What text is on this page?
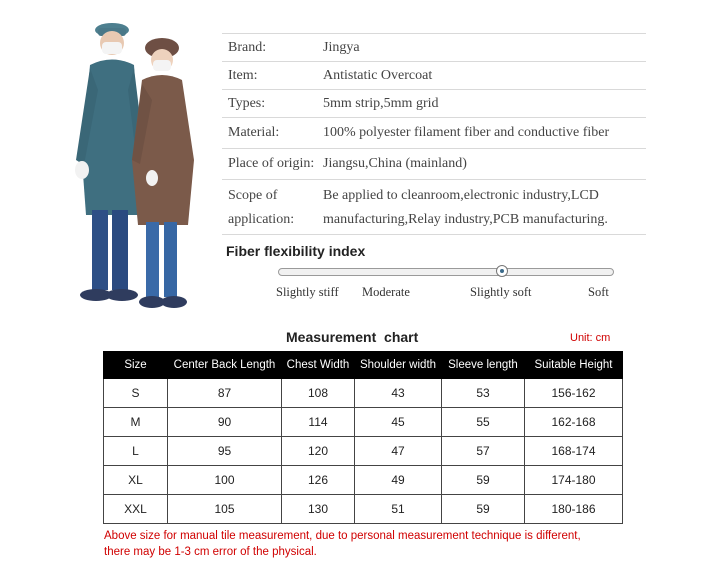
Brand:	Jingya
Item:	Antistatic Overcoat
Types:	5mm strip,5mm grid
Material:	100% polyester filament fiber and conductive fiber
Place of origin: Jiangsu,China (mainland)
Scope of
application:
Be applied to cleanroom,electronic industry,LCD
manufacturing,Relay industry,PCB manufacturing.
Fiber flexibility index
Slightly stiff Moderate	Slightly soft	Soft
Measurement  chart	Unit: cm
Size	Center Back Length	Chest Width	Shoulder width	Sleeve length	Suitable Height
S	87	108	43	53	156-162
M	90	114	45	55	162-168
L	95	120	47	57	168-174
XL	100	126	49	59	174-180
XXL	105	130	51	59	180-186
Above size for manual tile measurement, due to personal measurement technique is different,
there may be 1-3 cm error of the physical.
